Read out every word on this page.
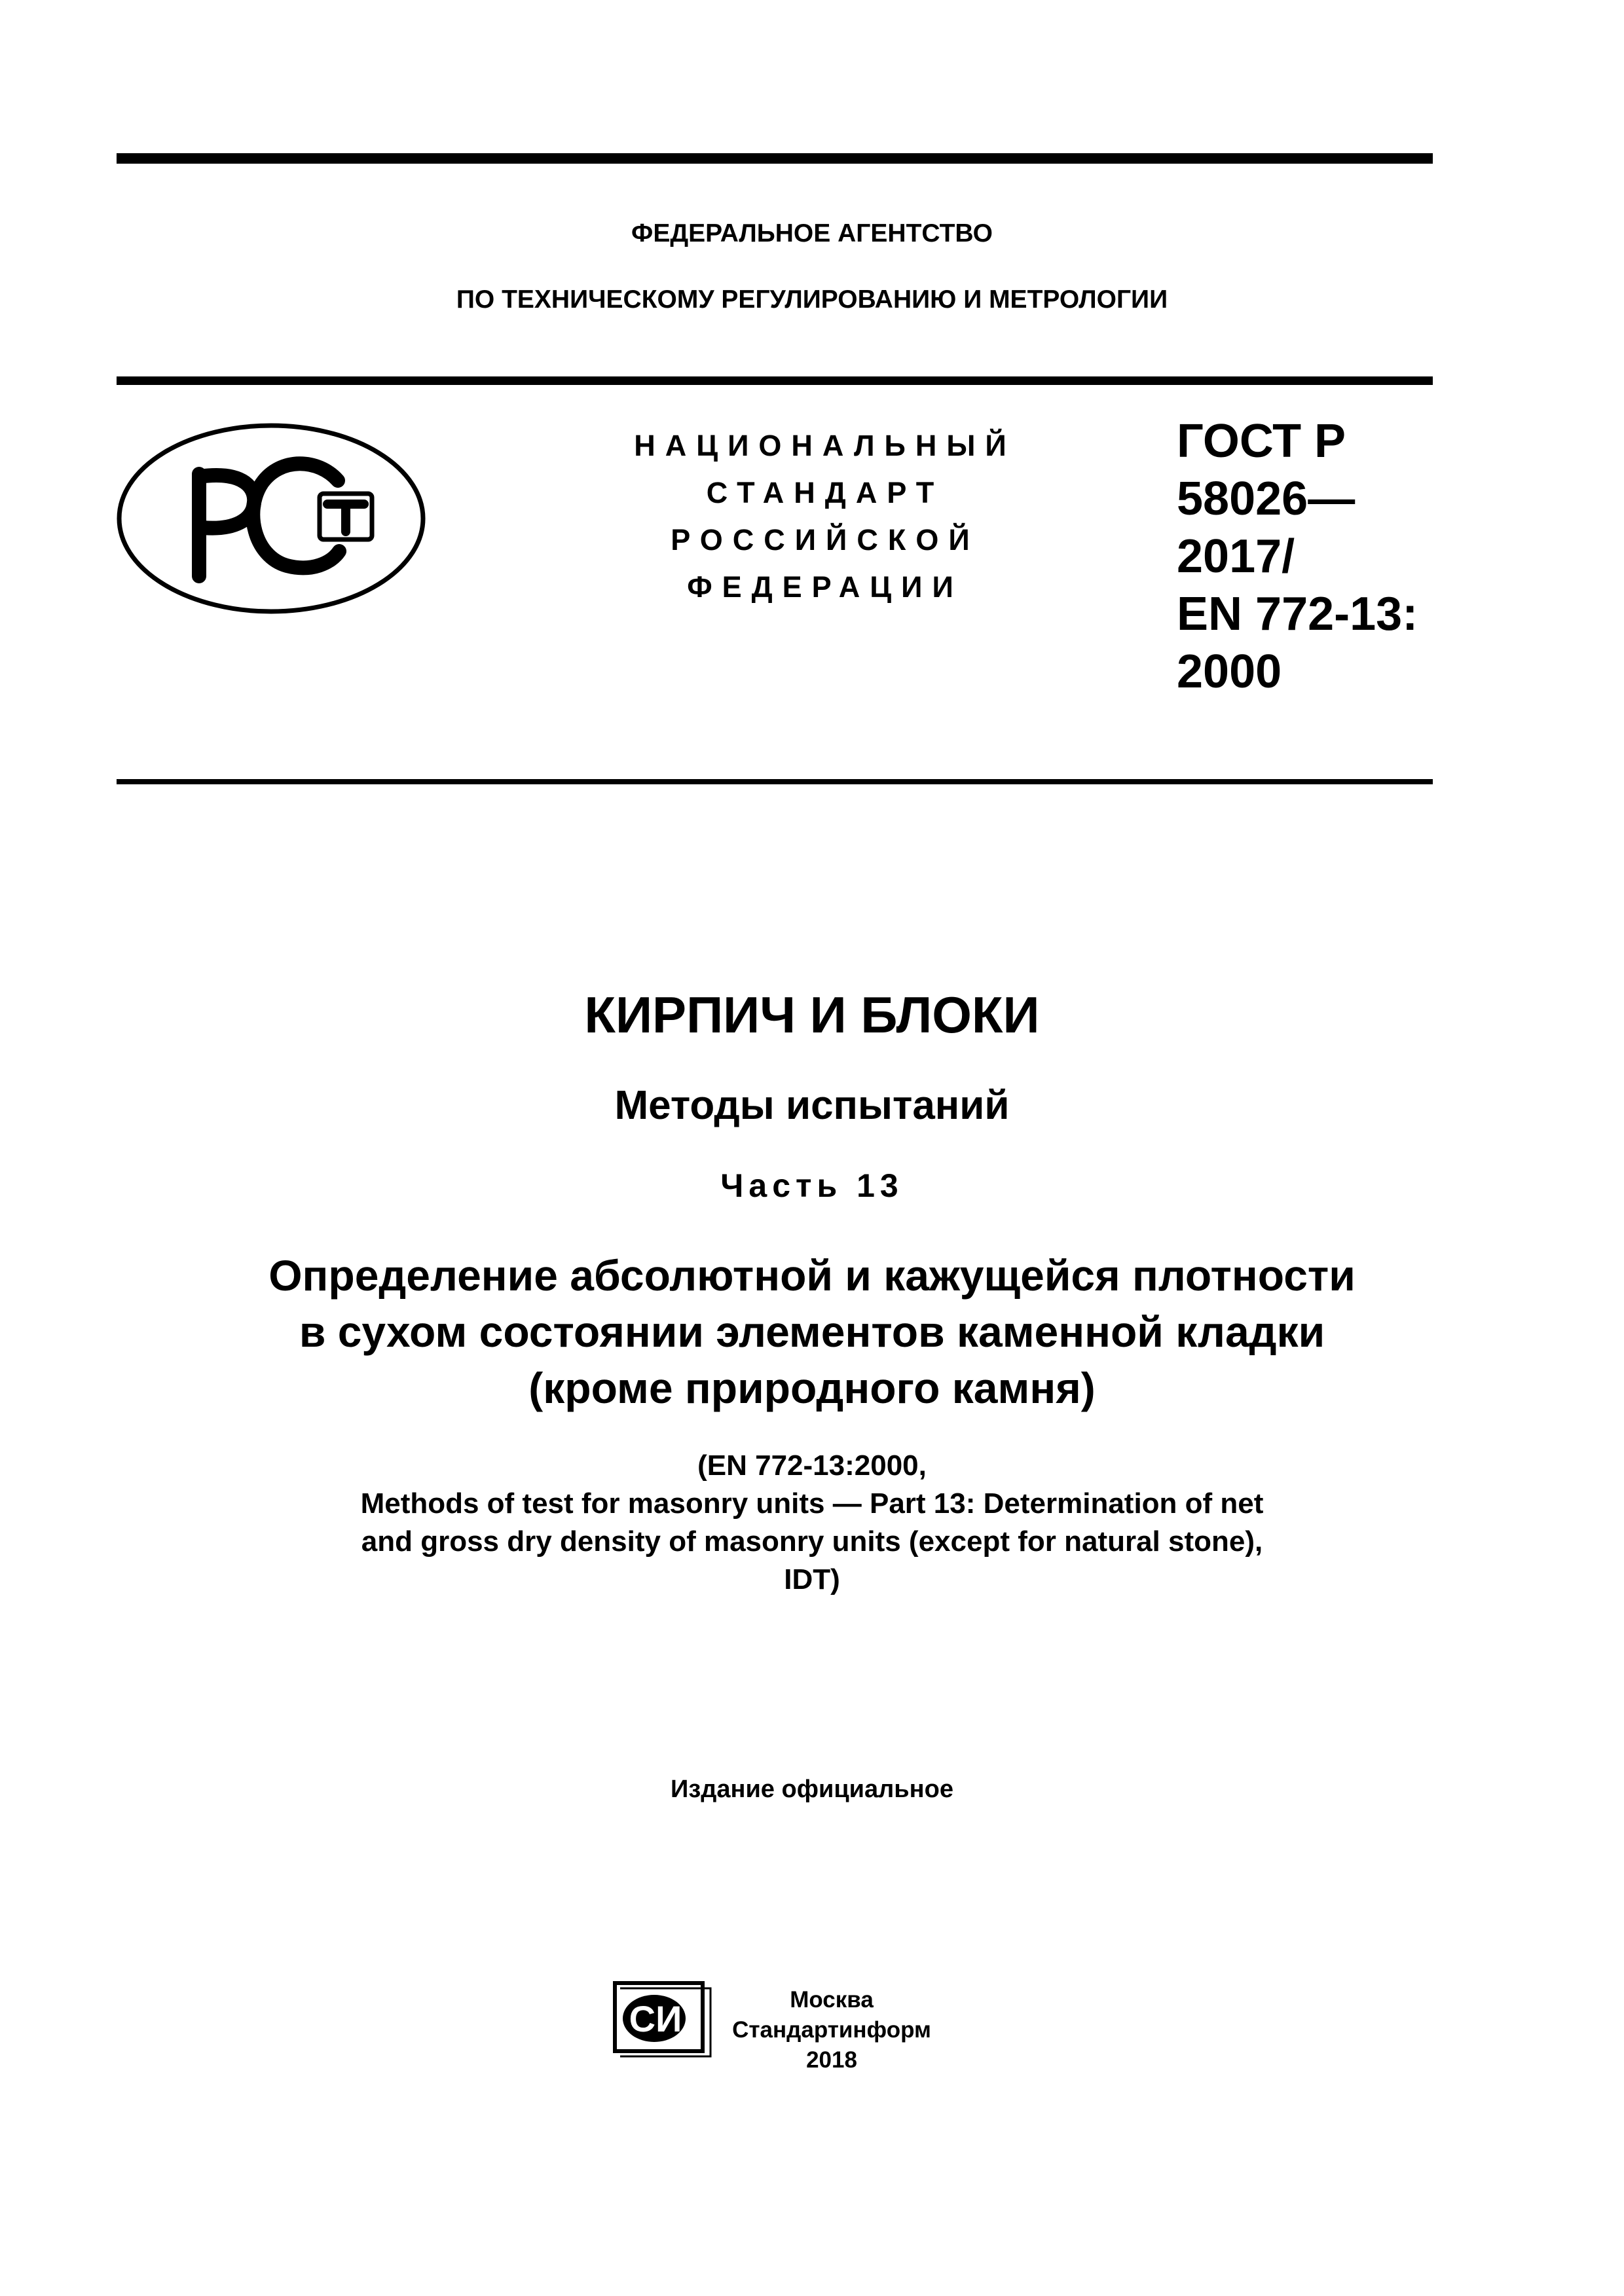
ФЕДЕРАЛЬНОЕ АГЕНТСТВО
ПО ТЕХНИЧЕСКОМУ РЕГУЛИРОВАНИЮ И МЕТРОЛОГИИ
НАЦИОНАЛЬНЫЙ
СТАНДАРТ
РОССИЙСКОЙ
ФЕДЕРАЦИИ
ГОСТ Р
58026—
2017/
EN 772-13:
2000
КИРПИЧ И БЛОКИ
Методы испытаний
Часть 13
Определение абсолютной и кажущейся плотности
в сухом состоянии элементов каменной кладки
(кроме природного камня)
(EN 772-13:2000,
Methods of test for masonry units — Part 13: Determination of net
and gross dry density of masonry units (except for natural stone),
IDT)
Издание официальное
СИ	Москва
Стандартинформ
2018
